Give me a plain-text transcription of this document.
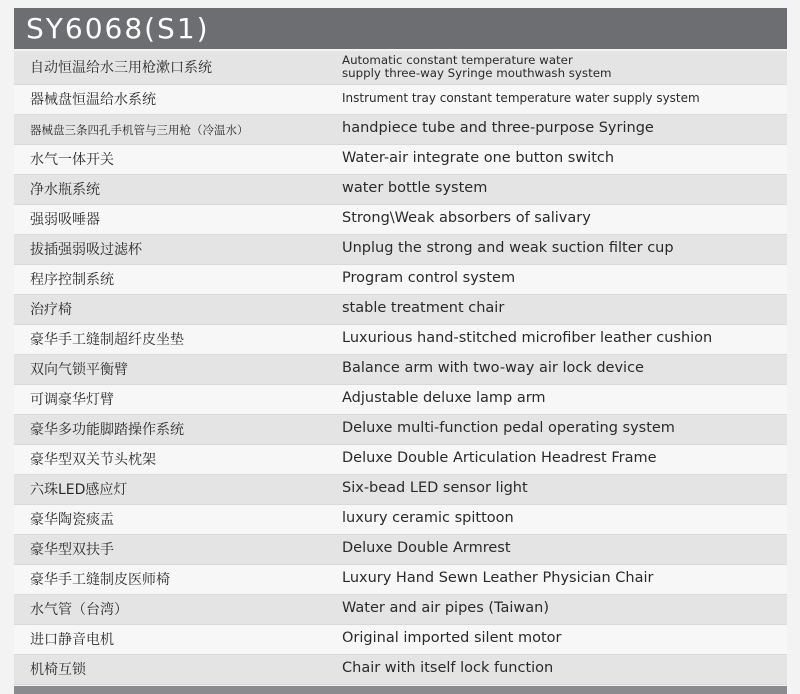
SY6068(S1)
自动恒温给水三用枪漱口系统	Automatic constant temperature water
supply three-way Syringe mouthwash system
器械盘恒温给水系统	Instrument tray constant temperature water supply system
器械盘三条四孔手机管与三用枪（冷温水）	handpiece tube and three-purpose Syringe
水气一体开关	Water-air integrate one button switch
净水瓶系统	water bottle system
强弱吸唾器	Strong\Weak absorbers of salivary
拔插强弱吸过滤杯	Unplug the strong and weak suction filter cup
程序控制系统	Program control system
治疗椅	stable treatment chair
豪华手工缝制超纤皮坐垫	Luxurious hand-stitched microfiber leather cushion
双向气锁平衡臂	Balance arm with two-way air lock device
可调豪华灯臂	Adjustable deluxe lamp arm
豪华多功能脚踏操作系统	Deluxe multi-function pedal operating system
豪华型双关节头枕架	Deluxe Double Articulation Headrest Frame
六珠LED感应灯	Six-bead LED sensor light
豪华陶瓷痰盂	luxury ceramic spittoon
豪华型双扶手	Deluxe Double Armrest
豪华手工缝制皮医师椅	Luxury Hand Sewn Leather Physician Chair
水气管（台湾）	Water and air pipes (Taiwan)
进口静音电机	Original imported silent motor
机椅互锁	Chair with itself lock function
